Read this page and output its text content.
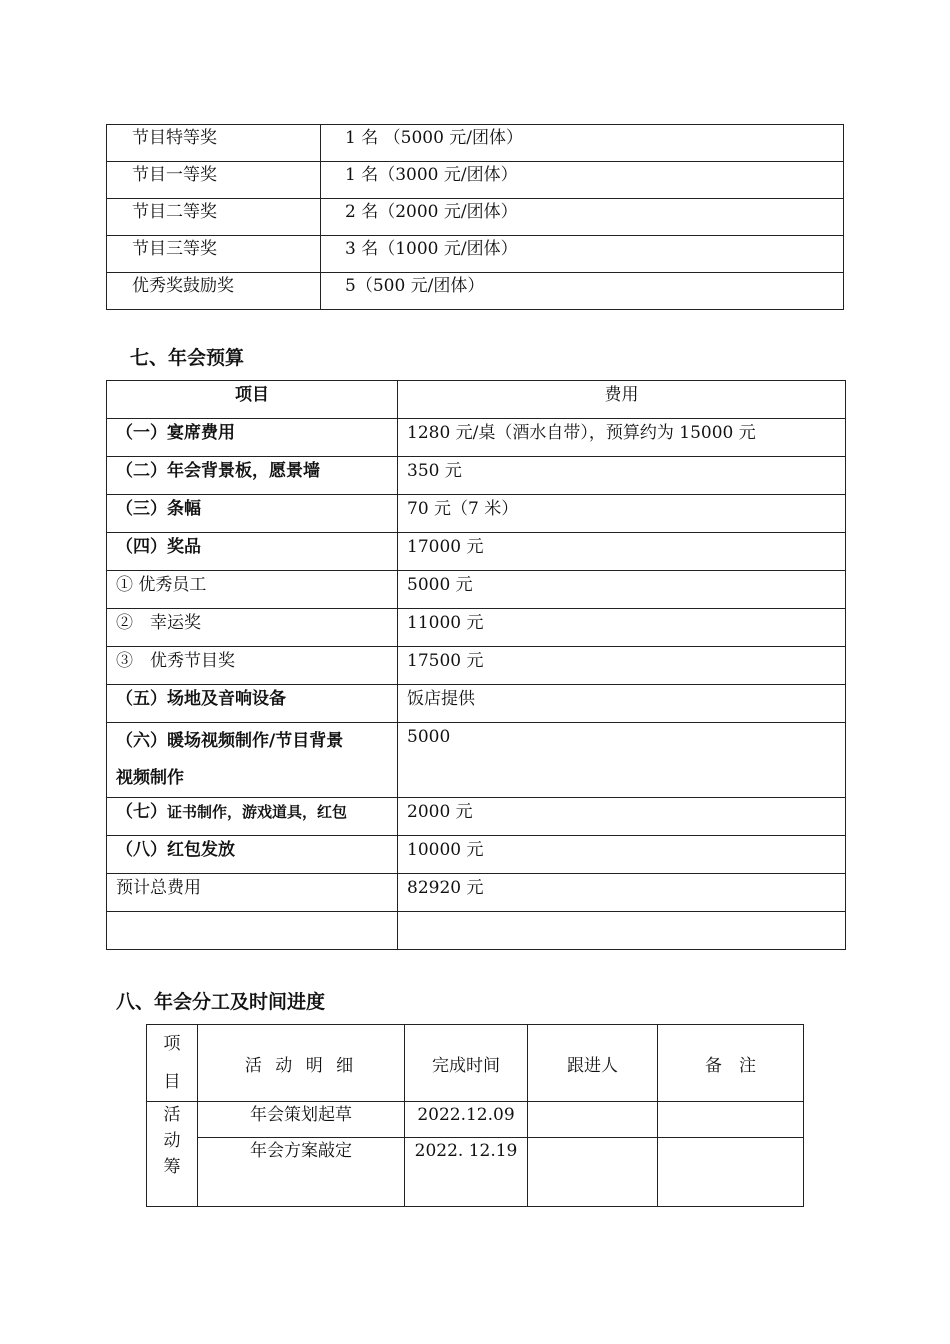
节目特等奖	1 名 （5000 元/团体）
节目一等奖	1 名（3000 元/团体）
节目二等奖	2 名（2000 元/团体）
节目三等奖	3 名（1000 元/团体）
优秀奖鼓励奖	5（500 元/团体）
七、年会预算
项目	费用
（一）宴席费用	1280 元/桌（酒水自带），预算约为 15000 元
（二）年会背景板，愿景墙	350 元
（三）条幅	70 元（7 米）
（四）奖品	17000 元
① 优秀员工	5000 元
②　幸运奖	11000 元
③　优秀节目奖	17500 元
（五）场地及音响设备	饭店提供
（六）暖场视频制作/节目背景
视频制作	5000
（七）证书制作，游戏道具，红包	2000 元
（八）红包发放	10000 元
预计总费用	82920 元

八、年会分工及时间进度
项
目	活 动 明 细	完成时间	跟进人	备　注
活
动
筹	年会策划起草	2022.12.09		
	年会方案敲定	2022. 12.19		
